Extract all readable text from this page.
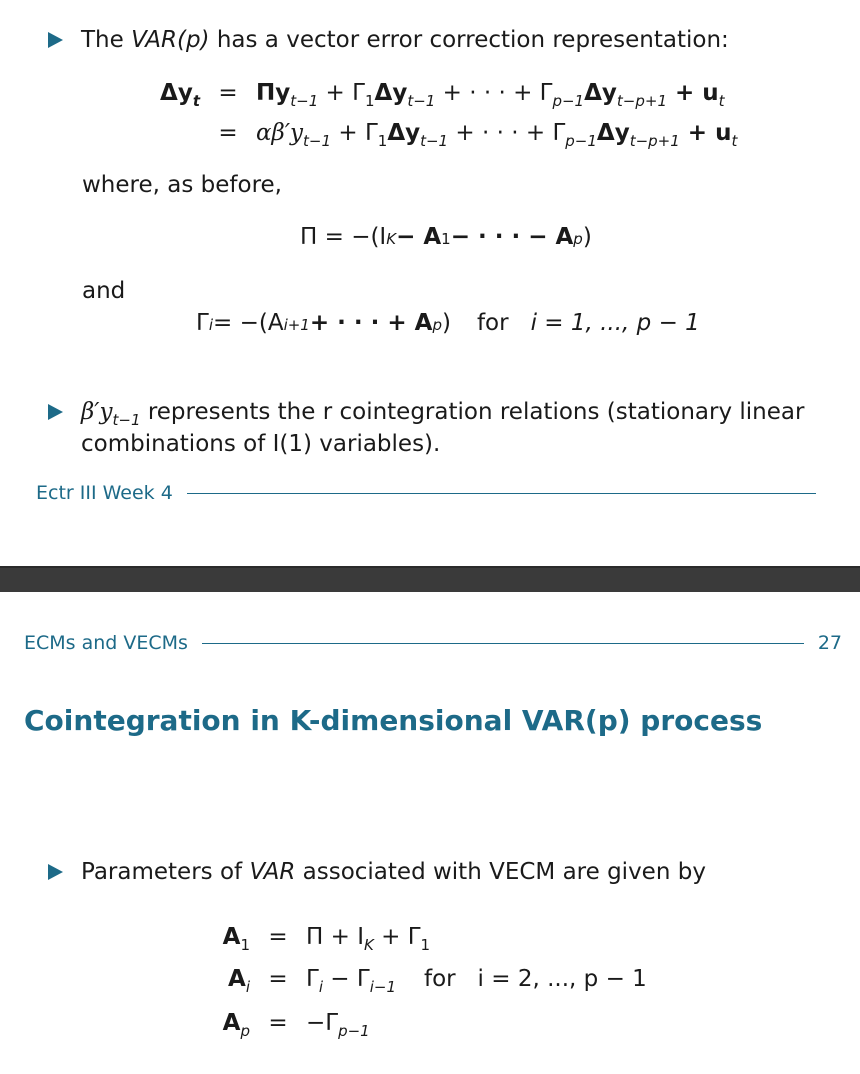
The VAR(p) has a vector error correction representation:
$\Delta y_t = \Pi y_{t-1} + \Gamma_1\Delta y_{t-1}$ + · · · + $\Gamma_{p-1}\Delta y_{t-p+1} + u_t$
= $\alpha\beta'y_{t-1} + \Gamma_1\Delta y_{t-1}$ + · · · + $\Gamma_{p-1}\Delta y_{t-p+1} + u_t$
where, as before,
Π = −(I K − A 1 − · · · − A p )
and
Γ i = −(A i+1 + · · · + A p ) for i = 1, ..., p − 1
$\beta'y_{t-1}$ represents the r cointegration relations (stationary linear
combinations of I(1) variables).
Ectr III Week 4
ECMs and VECMs	27
Cointegration in K-dimensional VAR(p) process
Parameters of VAR associated with VECM are given by
$A_1 = \Pi + I_K + \Gamma_1$
$A_i = \Gamma_i - \Gamma_{i-1}$ for   i = 2, ..., p − 1
$A_p = -\Gamma_{p-1}$
